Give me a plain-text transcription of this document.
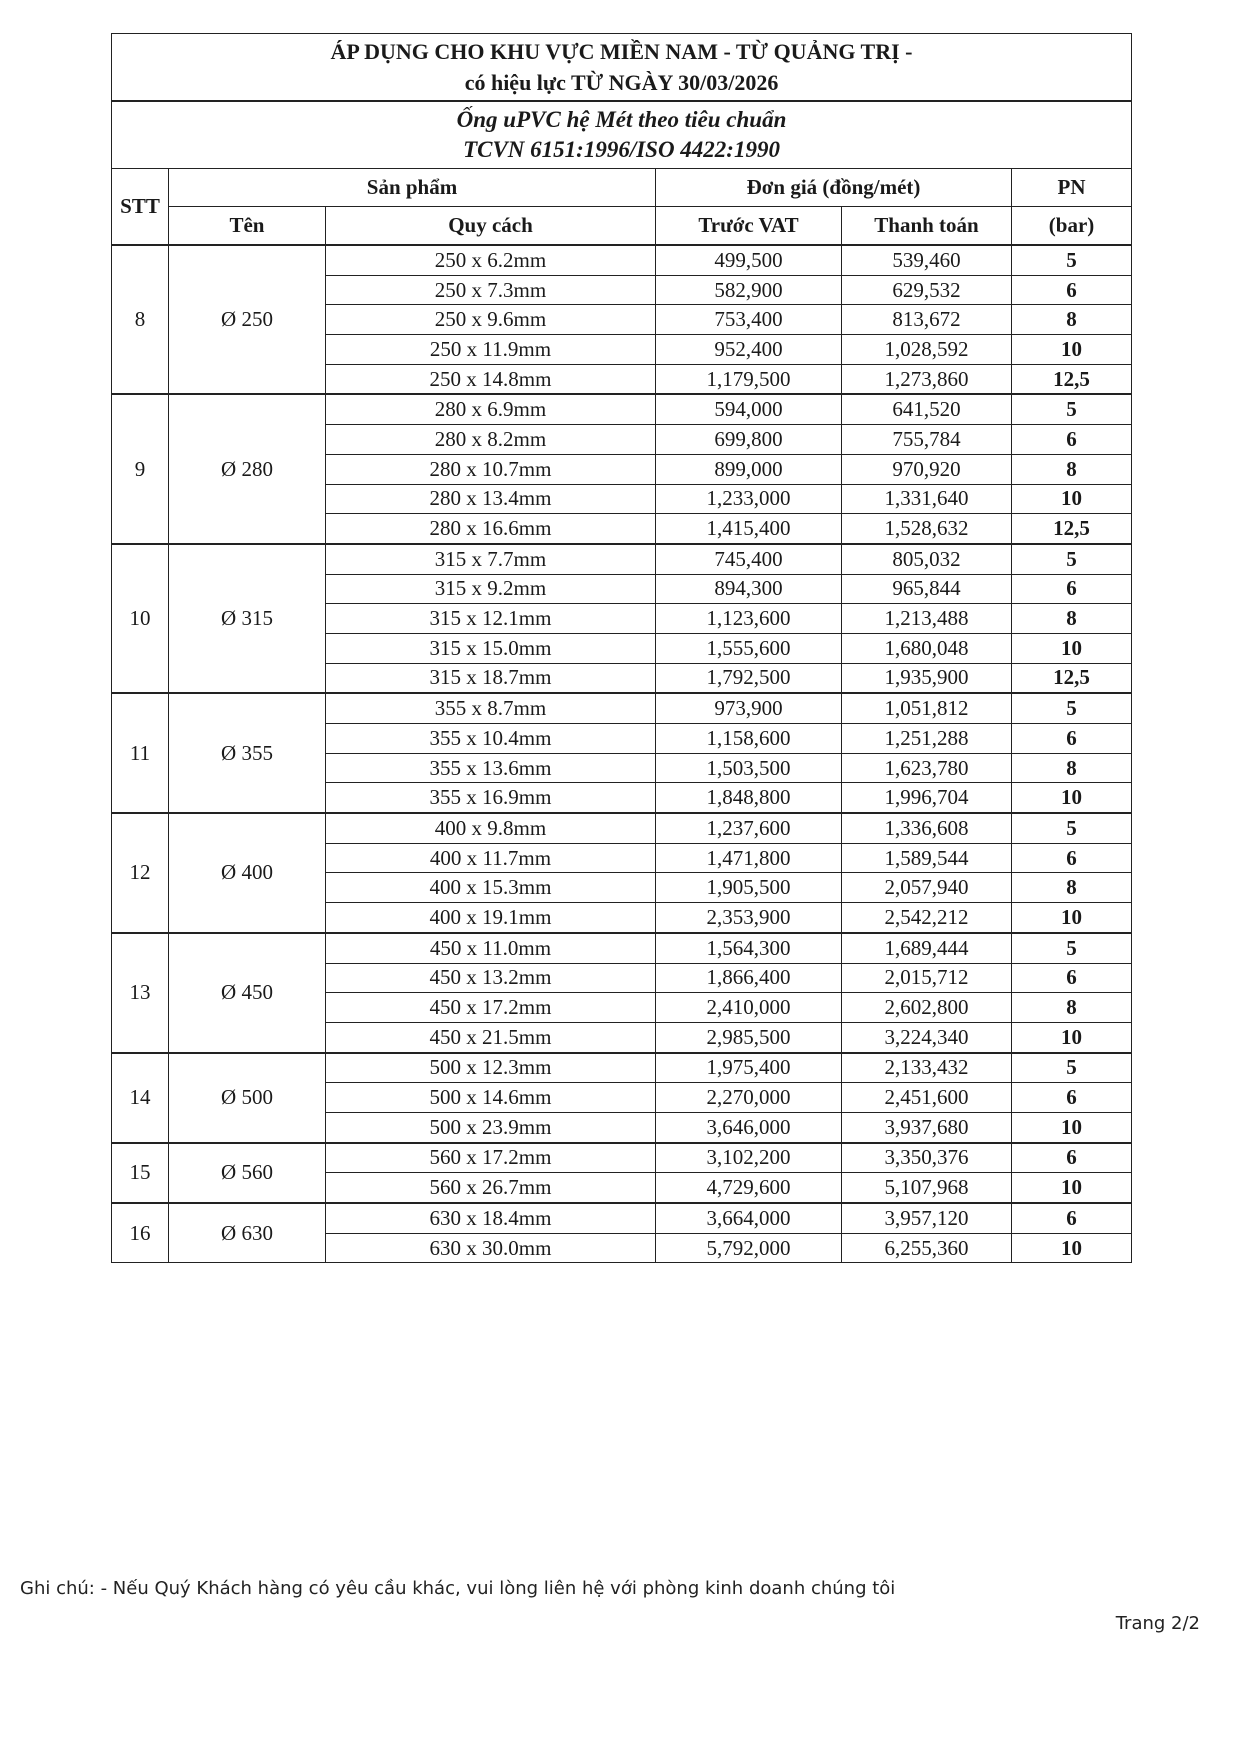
ÁP DỤNG CHO KHU VỰC MIỀN NAM - TỪ QUẢNG TRỊ -
có hiệu lực TỪ NGÀY 30/03/2026					

Ống uPVC hệ Mét theo tiêu chuẩn
TCVN 6151:1996/ISO 4422:1990					

STT	Sản phẩm		Đơn giá (đồng/mét)		PN
	Tên	Quy cách	Trước VAT	Thanh toán	(bar)
8	Ø 250	250 x 6.2mm	499,500	539,460	5
		250 x 7.3mm	582,900	629,532	6
		250 x 9.6mm	753,400	813,672	8
		250 x 11.9mm	952,400	1,028,592	10
		250 x 14.8mm	1,179,500	1,273,860	12,5
9	Ø 280	280 x 6.9mm	594,000	641,520	5
		280 x 8.2mm	699,800	755,784	6
		280 x 10.7mm	899,000	970,920	8
		280 x 13.4mm	1,233,000	1,331,640	10
		280 x 16.6mm	1,415,400	1,528,632	12,5
10	Ø 315	315 x 7.7mm	745,400	805,032	5
		315 x 9.2mm	894,300	965,844	6
		315 x 12.1mm	1,123,600	1,213,488	8
		315 x 15.0mm	1,555,600	1,680,048	10
		315 x 18.7mm	1,792,500	1,935,900	12,5
11	Ø 355	355 x 8.7mm	973,900	1,051,812	5
		355 x 10.4mm	1,158,600	1,251,288	6
		355 x 13.6mm	1,503,500	1,623,780	8
		355 x 16.9mm	1,848,800	1,996,704	10
12	Ø 400	400 x 9.8mm	1,237,600	1,336,608	5
		400 x 11.7mm	1,471,800	1,589,544	6
		400 x 15.3mm	1,905,500	2,057,940	8
		400 x 19.1mm	2,353,900	2,542,212	10
13	Ø 450	450 x 11.0mm	1,564,300	1,689,444	5
		450 x 13.2mm	1,866,400	2,015,712	6
		450 x 17.2mm	2,410,000	2,602,800	8
		450 x 21.5mm	2,985,500	3,224,340	10
14	Ø 500	500 x 12.3mm	1,975,400	2,133,432	5
		500 x 14.6mm	2,270,000	2,451,600	6
		500 x 23.9mm	3,646,000	3,937,680	10
15	Ø 560	560 x 17.2mm	3,102,200	3,350,376	6
		560 x 26.7mm	4,729,600	5,107,968	10
16	Ø 630	630 x 18.4mm	3,664,000	3,957,120	6
		630 x 30.0mm	5,792,000	6,255,360	10
Ghi chú: - Nếu Quý Khách hàng có yêu cầu khác, vui lòng liên hệ với phòng kinh doanh chúng tôi
Trang 2/2
